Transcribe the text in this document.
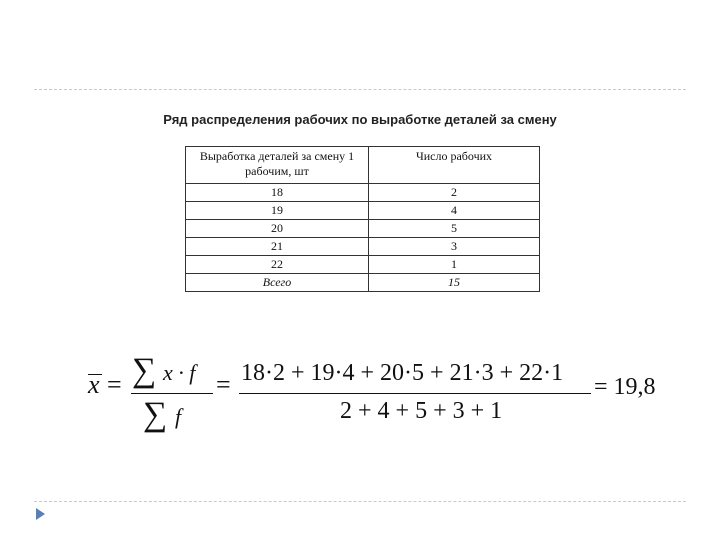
Ряд распределения рабочих по выработке деталей за смену
Выработка деталей за смену 1 рабочим, шт	Число рабочих
18	2
19	4
20	5
21	3
22	1
Всего	15
x = ∑ x · f
∑ f
= 18·2 + 19·4 + 20·5 + 21·3 + 22·1
2 + 4 + 5 + 3 + 1
= 19,8
